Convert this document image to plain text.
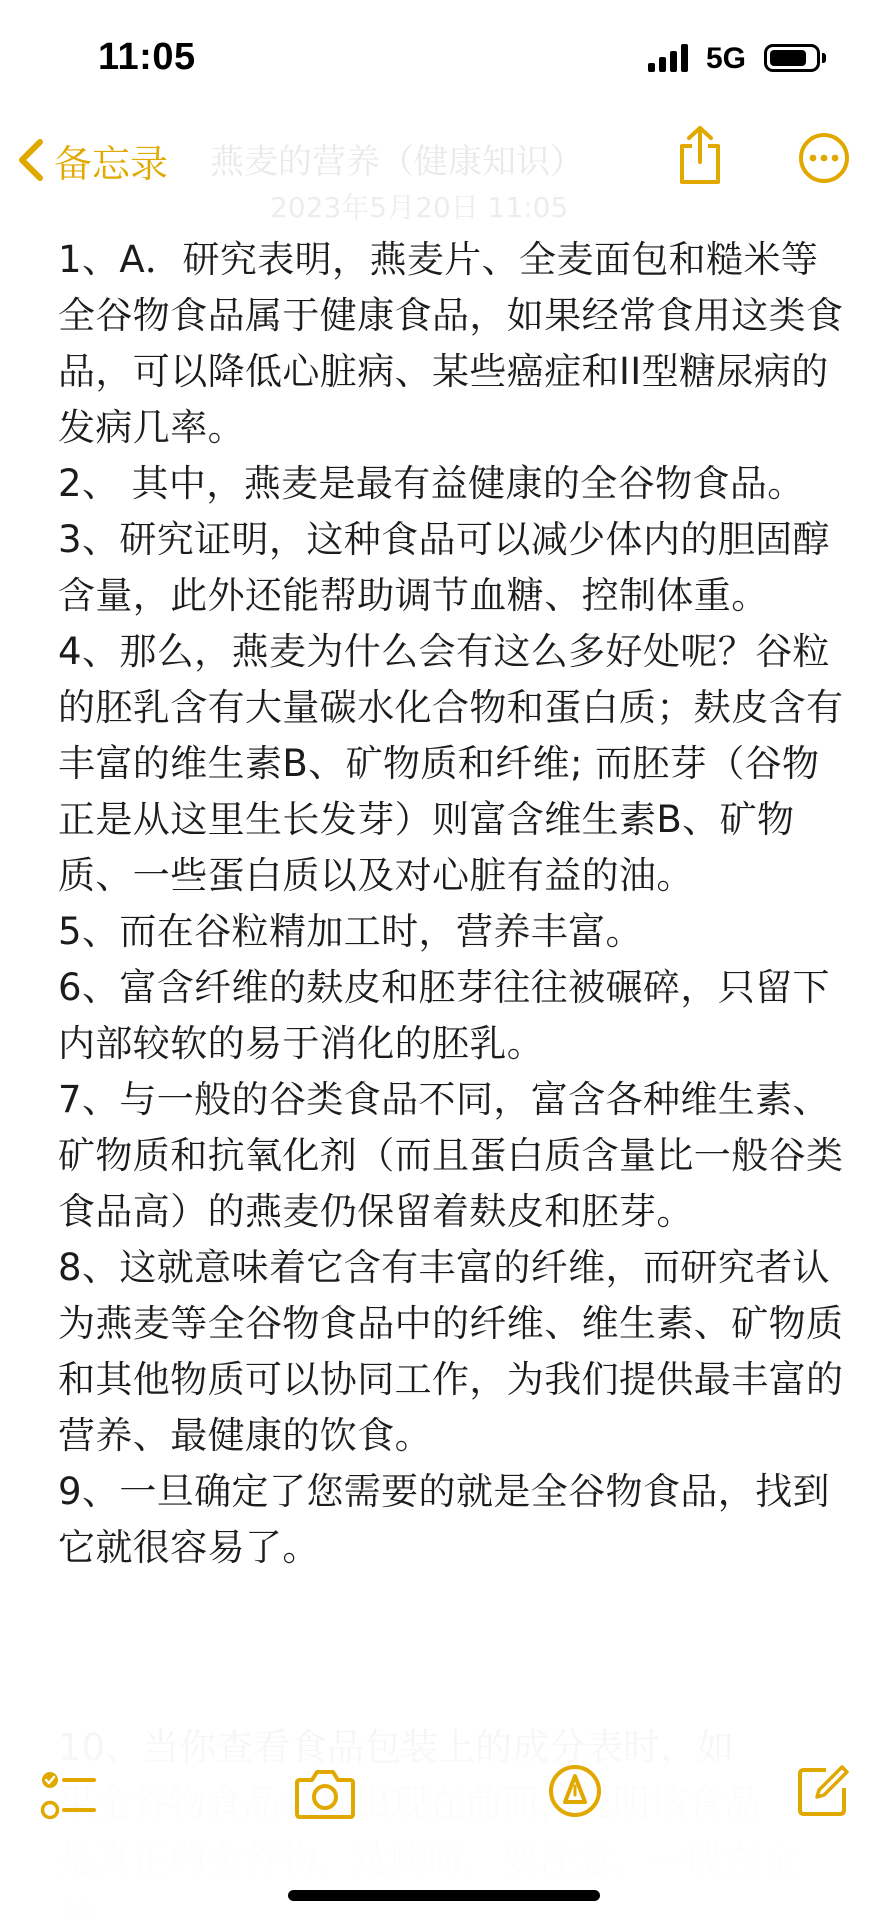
11:05	5G
燕麦的营养（健康知识）
2023年5月20日 11:05
备忘录

1、A．研究表明，燕麦片、全麦面包和糙米等全谷物食品属于健康食品，如果经常食用这类食品，可以降低心脏病、某些癌症和II型糖尿病的发病几率。

2、 其中，燕麦是最有益健康的全谷物食品。

3、研究证明，这种食品可以减少体内的胆固醇含量，此外还能帮助调节血糖、控制体重。

4、那么，燕麦为什么会有这么多好处呢？谷粒的胚乳含有大量碳水化合物和蛋白质；麸皮含有丰富的维生素B、矿物质和纤维; 而胚芽（谷物正是从这里生长发芽）则富含维生素B、矿物质、一些蛋白质以及对心脏有益的油。

5、而在谷粒精加工时，营养丰富。

6、富含纤维的麸皮和胚芽往往被碾碎，只留下内部较软的易于消化的胚乳。

7、与一般的谷类食品不同，富含各种维生素、矿物质和抗氧化剂（而且蛋白质含量比一般谷类食品高）的燕麦仍保留着麸皮和胚芽。

8、这就意味着它含有丰富的纤维，而研究者认为燕麦等全谷物食品中的纤维、维生素、矿物质和其他物质可以协同工作，为我们提供最丰富的营养、最健康的饮食。

9、一旦确定了您需要的就是全谷物食品，找到它就很容易了。
